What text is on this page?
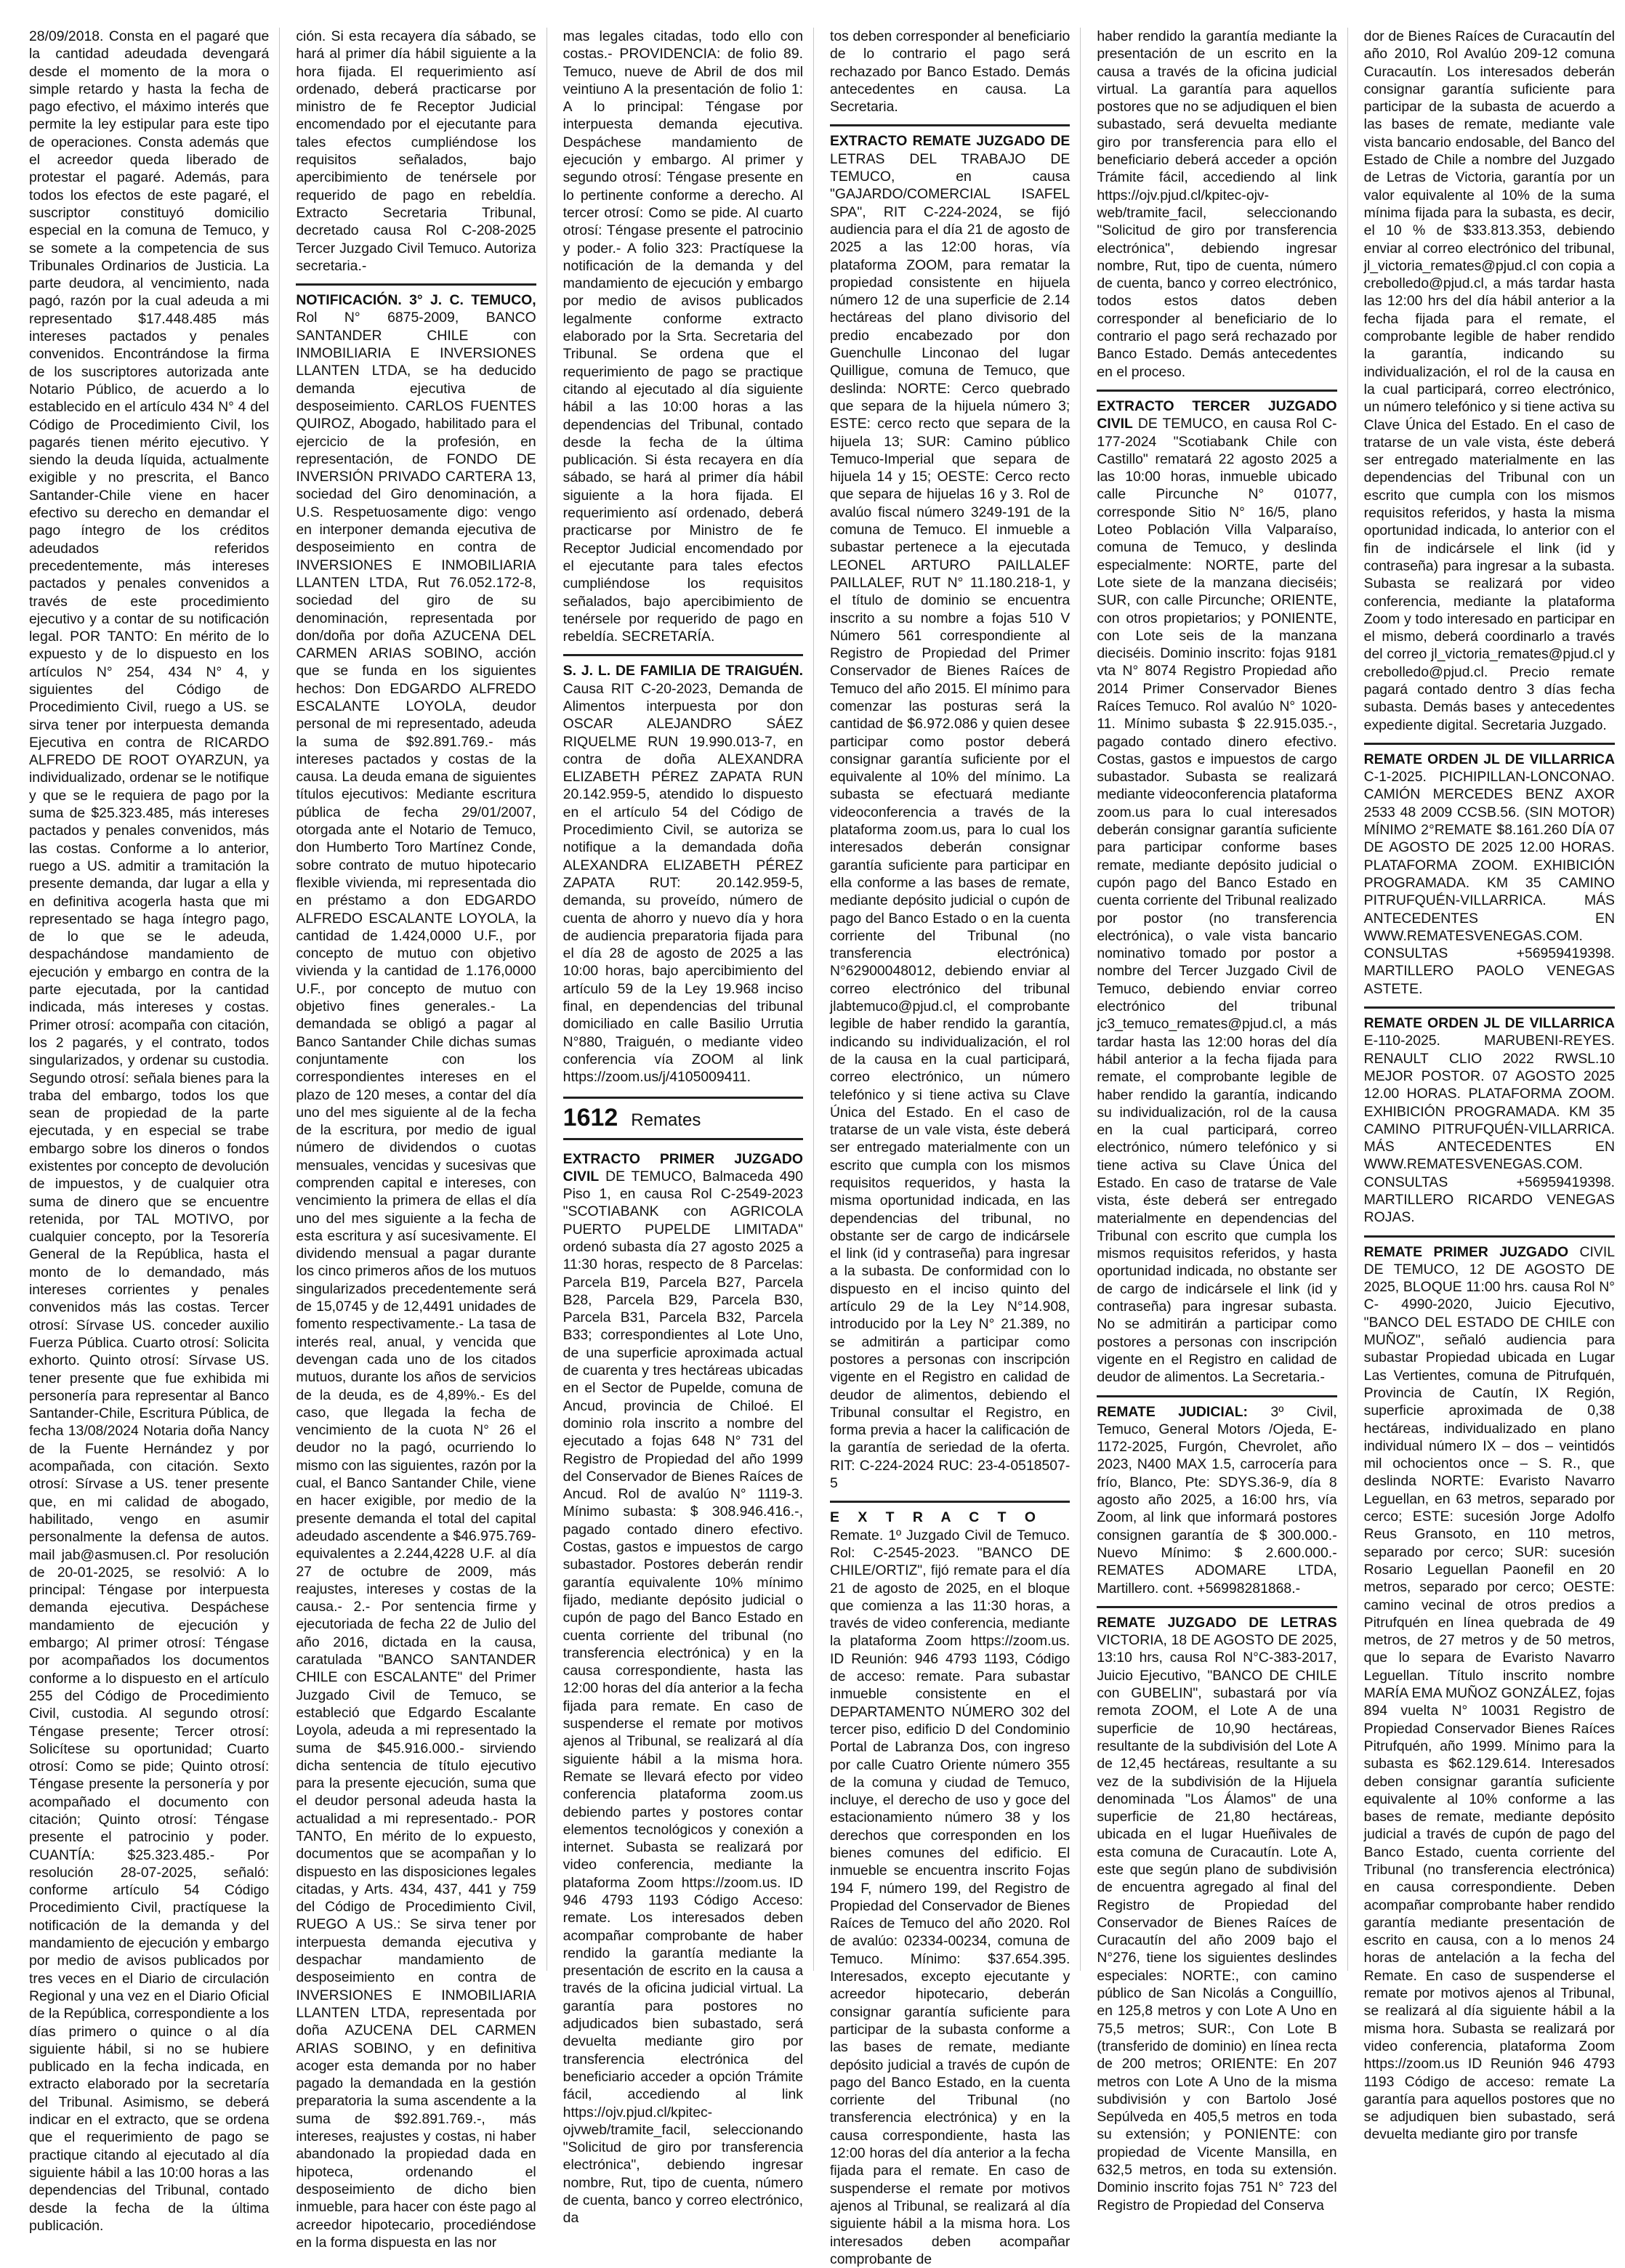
28/09/2018. Consta en el pagaré que la cantidad adeudada devengará desde el momento de la mora o simple retardo y hasta la fecha de pago efectivo, el máximo interés que permite la ley estipular para este tipo de operaciones. Consta además que el acreedor queda liberado de protestar el pagaré. Además, para todos los efectos de este pagaré, el suscriptor constituyó domicilio especial en la comuna de Temuco, y se somete a la competencia de sus Tribunales Ordinarios de Justicia. La parte deudora, al vencimiento, nada pagó, razón por la cual adeuda a mi representado $17.448.485 más intereses pactados y penales convenidos. Encontrándose la firma de los suscriptores autorizada ante Notario Público, de acuerdo a lo establecido en el artículo 434 N° 4 del Código de Procedimiento Civil, los pagarés tienen mérito ejecutivo. Y siendo la deuda líquida, actualmente exigible y no prescrita, el Banco Santander-Chile viene en hacer efectivo su derecho en demandar el pago íntegro de los créditos adeudados referidos precedentemente, más intereses pactados y penales convenidos a través de este procedimiento ejecutivo y a contar de su notificación legal. POR TANTO: En mérito de lo expuesto y de lo dispuesto en los artículos N° 254, 434 N° 4, y siguientes del Código de Procedimiento Civil, ruego a US. se sirva tener por interpuesta demanda Ejecutiva en contra de RICARDO ALFREDO DE ROOT OYARZUN, ya individualizado, ordenar se le notifique y que se le requiera de pago por la suma de $25.323.485, más intereses pactados y penales convenidos, más las costas. Conforme a lo anterior, ruego a US. admitir a tramitación la presente demanda, dar lugar a ella y en definitiva acogerla hasta que mi representado se haga íntegro pago, de lo que se le adeuda, despachándose mandamiento de ejecución y embargo en contra de la parte ejecutada, por la cantidad indicada, más intereses y costas. Primer otrosí: acompaña con citación, los 2 pagarés, y el contrato, todos singularizados, y ordenar su custodia. Segundo otrosí: señala bienes para la traba del embargo, todos los que sean de propiedad de la parte ejecutada, y en especial se trabe embargo sobre los dineros o fondos existentes por concepto de devolución de impuestos, y de cualquier otra suma de dinero que se encuentre retenida, por TAL MOTIVO, por cualquier concepto, por la Tesorería General de la República, hasta el monto de lo demandado, más intereses corrientes y penales convenidos más las costas. Tercer otrosí: Sírvase US. conceder auxilio Fuerza Pública. Cuarto otrosí: Solicita exhorto. Quinto otrosí: Sírvase US. tener presente que fue exhibida mi personería para representar al Banco Santander-Chile, Escritura Pública, de fecha 13/08/2024 Notaria doña Nancy de la Fuente Hernández y por acompañada, con citación. Sexto otrosí: Sírvase a US. tener presente que, en mi calidad de abogado, habilitado, vengo en asumir personalmente la defensa de autos. mail jab@asmusen.cl. Por resolución de 20-01-2025, se resolvió: A lo principal: Téngase por interpuesta demanda ejecutiva. Despáchese mandamiento de ejecución y embargo; Al primer otrosí: Téngase por acompañados los documentos conforme a lo dispuesto en el artículo 255 del Código de Procedimiento Civil, custodia. Al segundo otrosí: Téngase presente; Tercer otrosí: Solicítese su oportunidad; Cuarto otrosí: Como se pide; Quinto otrosí: Téngase presente la personería y por acompañado el documento con citación; Quinto otrosí: Téngase presente el patrocinio y poder. CUANTÍA: $25.323.485.- Por resolución 28-07-2025, señaló: conforme artículo 54 Código Procedimiento Civil, practíquese la notificación de la demanda y del mandamiento de ejecución y embargo por medio de avisos publicados por tres veces en el Diario de circulación Regional y una vez en el Diario Oficial de la República, correspondiente a los días primero o quince o al día siguiente hábil, si no se hubiere publicado en la fecha indicada, en extracto elaborado por la secretaría del Tribunal. Asimismo, se deberá indicar en el extracto, que se ordena que el requerimiento de pago se practique citando al ejecutado al día siguiente hábil a las 10:00 horas a las dependencias del Tribunal, contado desde la fecha de la última publicación.

ción. Si esta recayera día sábado, se hará al primer día hábil siguiente a la hora fijada. El requerimiento así ordenado, deberá practicarse por ministro de fe Receptor Judicial encomendado por el ejecutante para tales efectos cumpliéndose los requisitos señalados, bajo apercibimiento de tenérsele por requerido de pago en rebeldía. Extracto Secretaria Tribunal, decretado causa Rol C-208-2025 Tercer Juzgado Civil Temuco. Autoriza secretaria.-

NOTIFICACIÓN. 3° J. C. TEMUCO, Rol N° 6875-2009, BANCO SANTANDER CHILE con INMOBILIARIA E INVERSIONES LLANTEN LTDA, se ha deducido demanda ejecutiva de desposeimiento. CARLOS FUENTES QUIROZ, Abogado, habilitado para el ejercicio de la profesión, en representación, de FONDO DE INVERSIÓN PRIVADO CARTERA 13, sociedad del Giro denominación, a U.S. Respetuosamente digo: vengo en interponer demanda ejecutiva de desposeimiento en contra de INVERSIONES E INMOBILIARIA LLANTEN LTDA, Rut 76.052.172-8, sociedad del giro de su denominación, representada por don/doña por doña AZUCENA DEL CARMEN ARIAS SOBINO, acción que se funda en los siguientes hechos: Don EDGARDO ALFREDO ESCALANTE LOYOLA, deudor personal de mi representado, adeuda la suma de $92.891.769.- más intereses pactados y costas de la causa. La deuda emana de siguientes títulos ejecutivos: Mediante escritura pública de fecha 29/01/2007, otorgada ante el Notario de Temuco, don Humberto Toro Martínez Conde, sobre contrato de mutuo hipotecario flexible vivienda, mi representada dio en préstamo a don EDGARDO ALFREDO ESCALANTE LOYOLA, la cantidad de 1.424,0000 U.F., por concepto de mutuo con objetivo vivienda y la cantidad de 1.176,0000 U.F., por concepto de mutuo con objetivo fines generales.- La demandada se obligó a pagar al Banco Santander Chile dichas sumas conjuntamente con los correspondientes intereses en el plazo de 120 meses, a contar del día uno del mes siguiente al de la fecha de la escritura, por medio de igual número de dividendos o cuotas mensuales, vencidas y sucesivas que comprenden capital e intereses, con vencimiento la primera de ellas el día uno del mes siguiente a la fecha de esta escritura y así sucesivamente. El dividendo mensual a pagar durante los cinco primeros años de los mutuos singularizados precedentemente será de 15,0745 y de 12,4491 unidades de fomento respectivamente.- La tasa de interés real, anual, y vencida que devengan cada uno de los citados mutuos, durante los años de servicios de la deuda, es de 4,89%.- Es del caso, que llegada la fecha de vencimiento de la cuota N° 26 el deudor no la pagó, ocurriendo lo mismo con las siguientes, razón por la cual, el Banco Santander Chile, viene en hacer exigible, por medio de la presente demanda el total del capital adeudado ascendente a $46.975.769- equivalentes a 2.244,4228 U.F. al día 27 de octubre de 2009, más reajustes, intereses y costas de la causa.- 2.- Por sentencia firme y ejecutoriada de fecha 22 de Julio del año 2016, dictada en la causa, caratulada "BANCO SANTANDER CHILE con ESCALANTE" del Primer Juzgado Civil de Temuco, se estableció que Edgardo Escalante Loyola, adeuda a mi representado la suma de $45.916.000.- sirviendo dicha sentencia de título ejecutivo para la presente ejecución, suma que el deudor personal adeuda hasta la actualidad a mi representado.- POR TANTO, En mérito de lo expuesto, documentos que se acompañan y lo dispuesto en las disposiciones legales citadas, y Arts. 434, 437, 441 y 759 del Código de Procedimiento Civil, RUEGO A US.: Se sirva tener por interpuesta demanda ejecutiva y despachar mandamiento de desposeimiento en contra de INVERSIONES E INMOBILIARIA LLANTEN LTDA, representada por doña AZUCENA DEL CARMEN ARIAS SOBINO, y en definitiva acoger esta demanda por no haber pagado la demandada en la gestión preparatoria la suma ascendente a la suma de $92.891.769.-, más intereses, reajustes y costas, ni haber abandonado la propiedad dada en hipoteca, ordenando el desposeimiento de dicho bien inmueble, para hacer con éste pago al acreedor hipotecario, procediéndose en la forma dispuesta en las nor

mas legales citadas, todo ello con costas.- PROVIDENCIA: de folio 89. Temuco, nueve de Abril de dos mil veintiuno A la presentación de folio 1: A lo principal: Téngase por interpuesta demanda ejecutiva. Despáchese mandamiento de ejecución y embargo. Al primer y segundo otrosí: Téngase presente en lo pertinente conforme a derecho. Al tercer otrosí: Como se pide. Al cuarto otrosí: Téngase presente el patrocinio y poder.- A folio 323: Practíquese la notificación de la demanda y del mandamiento de ejecución y embargo por medio de avisos publicados legalmente conforme extracto elaborado por la Srta. Secretaria del Tribunal. Se ordena que el requerimiento de pago se practique citando al ejecutado al día siguiente hábil a las 10:00 horas a las dependencias del Tribunal, contado desde la fecha de la última publicación. Si ésta recayera en día sábado, se hará al primer día hábil siguiente a la hora fijada. El requerimiento así ordenado, deberá practicarse por Ministro de fe Receptor Judicial encomendado por el ejecutante para tales efectos cumpliéndose los requisitos señalados, bajo apercibimiento de tenérsele por requerido de pago en rebeldía. SECRETARÍA.

S. J. L. DE FAMILIA DE TRAIGUÉN. Causa RIT C-20-2023, Demanda de Alimentos interpuesta por don OSCAR ALEJANDRO SÁEZ RIQUELME RUN 19.990.013-7, en contra de doña ALEXANDRA ELIZABETH PÉREZ ZAPATA RUN 20.142.959-5, atendido lo dispuesto en el artículo 54 del Código de Procedimiento Civil, se autoriza se notifique a la demandada doña ALEXANDRA ELIZABETH PÉREZ ZAPATA RUT: 20.142.959-5, demanda, su proveído, número de cuenta de ahorro y nuevo día y hora de audiencia preparatoria fijada para el día 28 de agosto de 2025 a las 10:00 horas, bajo apercibimiento del artículo 59 de la Ley 19.968 inciso final, en dependencias del tribunal domiciliado en calle Basilio Urrutia N°880, Traiguén, o mediante video conferencia vía ZOOM al link https://zoom.us/j/4105009411.

1612 Remates

EXTRACTO PRIMER JUZGADO CIVIL DE TEMUCO, Balmaceda 490 Piso 1, en causa Rol C-2549-2023 "SCOTIABANK con AGRICOLA PUERTO PUPELDE LIMITADA" ordenó subasta día 27 agosto 2025 a 11:30 horas, respecto de 8 Parcelas: Parcela B19, Parcela B27, Parcela B28, Parcela B29, Parcela B30, Parcela B31, Parcela B32, Parcela B33; correspondientes al Lote Uno, de una superficie aproximada actual de cuarenta y tres hectáreas ubicadas en el Sector de Pupelde, comuna de Ancud, provincia de Chiloé. El dominio rola inscrito a nombre del ejecutado a fojas 648 N° 731 del Registro de Propiedad del año 1999 del Conservador de Bienes Raíces de Ancud. Rol de avalúo N° 1119-3. Mínimo subasta: $ 308.946.416.-, pagado contado dinero efectivo. Costas, gastos e impuestos de cargo subastador. Postores deberán rendir garantía equivalente 10% mínimo fijado, mediante depósito judicial o cupón de pago del Banco Estado en cuenta corriente del tribunal (no transferencia electrónica) y en la causa correspondiente, hasta las 12:00 horas del día anterior a la fecha fijada para remate. En caso de suspenderse el remate por motivos ajenos al Tribunal, se realizará al día siguiente hábil a la misma hora. Remate se llevará efecto por video conferencia plataforma zoom.us debiendo partes y postores contar elementos tecnológicos y conexión a internet. Subasta se realizará por video conferencia, mediante la plataforma Zoom https://zoom.us. ID 946 4793 1193 Código Acceso: remate. Los interesados deben acompañar comprobante de haber rendido la garantía mediante la presentación de escrito en la causa a través de la oficina judicial virtual. La garantía para postores no adjudicados bien subastado, será devuelta mediante giro por transferencia electrónica del beneficiario acceder a opción Trámite fácil, accediendo al link https://ojv.pjud.cl/kpitec-ojvweb/tramite_facil, seleccionando "Solicitud de giro por transferencia electrónica", debiendo ingresar nombre, Rut, tipo de cuenta, número de cuenta, banco y correo electrónico, da

tos deben corresponder al beneficiario de lo contrario el pago será rechazado por Banco Estado. Demás antecedentes en causa. La Secretaria.

EXTRACTO REMATE JUZGADO DE LETRAS DEL TRABAJO DE TEMUCO, en causa "GAJARDO/COMERCIAL ISAFEL SPA", RIT C-224-2024, se fijó audiencia para el día 21 de agosto de 2025 a las 12:00 horas, vía plataforma ZOOM, para rematar la propiedad consistente en hijuela número 12 de una superficie de 2.14 hectáreas del plano divisorio del predio encabezado por don Guenchulle Linconao del lugar Quilligue, comuna de Temuco, que deslinda: NORTE: Cerco quebrado que separa de la hijuela número 3; ESTE: cerco recto que separa de la hijuela 13; SUR: Camino público Temuco-Imperial que separa de hijuela 14 y 15; OESTE: Cerco recto que separa de hijuelas 16 y 3. Rol de avalúo fiscal número 3249-191 de la comuna de Temuco. El inmueble a subastar pertenece a la ejecutada LEONEL ARTURO PAILLALEF PAILLALEF, RUT N° 11.180.218-1, y el título de dominio se encuentra inscrito a su nombre a fojas 510 V Número 561 correspondiente al Registro de Propiedad del Primer Conservador de Bienes Raíces de Temuco del año 2015. El mínimo para comenzar las posturas será la cantidad de $6.972.086 y quien desee participar como postor deberá consignar garantía suficiente por el equivalente al 10% del mínimo. La subasta se efectuará mediante videoconferencia a través de la plataforma zoom.us, para lo cual los interesados deberán consignar garantía suficiente para participar en ella conforme a las bases de remate, mediante depósito judicial o cupón de pago del Banco Estado o en la cuenta corriente del Tribunal (no transferencia electrónica) N°62900048012, debiendo enviar al correo electrónico del tribunal jlabtemuco@pjud.cl, el comprobante legible de haber rendido la garantía, indicando su individualización, el rol de la causa en la cual participará, correo electrónico, un número telefónico y si tiene activa su Clave Única del Estado. En el caso de tratarse de un vale vista, éste deberá ser entregado materialmente con un escrito que cumpla con los mismos requisitos requeridos, y hasta la misma oportunidad indicada, en las dependencias del tribunal, no obstante ser de cargo de indicársele el link (id y contraseña) para ingresar a la subasta. De conformidad con lo dispuesto en el inciso quinto del artículo 29 de la Ley N°14.908, introducido por la Ley N° 21.389, no se admitirán a participar como postores a personas con inscripción vigente en el Registro en calidad de deudor de alimentos, debiendo el Tribunal consultar el Registro, en forma previa a hacer la calificación de la garantía de seriedad de la oferta. RIT: C-224-2024 RUC: 23-4-0518507-5

E X T R A C T O

Remate. 1º Juzgado Civil de Temuco. Rol: C-2545-2023. "BANCO DE CHILE/ORTIZ", fijó remate para el día 21 de agosto de 2025, en el bloque que comienza a las 11:30 horas, a través de video conferencia, mediante la plataforma Zoom https://zoom.us. ID Reunión: 946 4793 1193, Código de acceso: remate. Para subastar inmueble consistente en el DEPARTAMENTO NÚMERO 302 del tercer piso, edificio D del Condominio Portal de Labranza Dos, con ingreso por calle Cuatro Oriente número 355 de la comuna y ciudad de Temuco, incluye, el derecho de uso y goce del estacionamiento número 38 y los derechos que corresponden en los bienes comunes del edificio. El inmueble se encuentra inscrito Fojas 194 F, número 199, del Registro de Propiedad del Conservador de Bienes Raíces de Temuco del año 2020. Rol de avalúo: 02334-00234, comuna de Temuco. Mínimo: $37.654.395. Interesados, excepto ejecutante y acreedor hipotecario, deberán consignar garantía suficiente para participar de la subasta conforme a las bases de remate, mediante depósito judicial a través de cupón de pago del Banco Estado, en la cuenta corriente del Tribunal (no transferencia electrónica) y en la causa correspondiente, hasta las 12:00 horas del día anterior a la fecha fijada para el remate. En caso de suspenderse el remate por motivos ajenos al Tribunal, se realizará al día siguiente hábil a la misma hora. Los interesados deben acompañar comprobante de

haber rendido la garantía mediante la presentación de un escrito en la causa a través de la oficina judicial virtual. La garantía para aquellos postores que no se adjudiquen el bien subastado, será devuelta mediante giro por transferencia para ello el beneficiario deberá acceder a opción Trámite fácil, accediendo al link https://ojv.pjud.cl/kpitec-ojv-web/tramite_facil, seleccionando "Solicitud de giro por transferencia electrónica", debiendo ingresar nombre, Rut, tipo de cuenta, número de cuenta, banco y correo electrónico, todos estos datos deben corresponder al beneficiario de lo contrario el pago será rechazado por Banco Estado. Demás antecedentes en el proceso.

EXTRACTO TERCER JUZGADO CIVIL DE TEMUCO, en causa Rol C-177-2024 "Scotiabank Chile con Castillo" rematará 22 agosto 2025 a las 10:00 horas, inmueble ubicado calle Pircunche N° 01077, corresponde Sitio N° 16/5, plano Loteo Población Villa Valparaíso, comuna de Temuco, y deslinda especialmente: NORTE, parte del Lote siete de la manzana dieciséis; SUR, con calle Pircunche; ORIENTE, con otros propietarios; y PONIENTE, con Lote seis de la manzana dieciséis. Dominio inscrito: fojas 9181 vta N° 8074 Registro Propiedad año 2014 Primer Conservador Bienes Raíces Temuco. Rol avalúo N° 1020-11. Mínimo subasta $ 22.915.035.-, pagado contado dinero efectivo. Costas, gastos e impuestos de cargo subastador. Subasta se realizará mediante videoconferencia plataforma zoom.us para lo cual interesados deberán consignar garantía suficiente para participar conforme bases remate, mediante depósito judicial o cupón pago del Banco Estado en cuenta corriente del Tribunal realizado por postor (no transferencia electrónica), o vale vista bancario nominativo tomado por postor a nombre del Tercer Juzgado Civil de Temuco, debiendo enviar correo electrónico del tribunal jc3_temuco_remates@pjud.cl, a más tardar hasta las 12:00 horas del día hábil anterior a la fecha fijada para remate, el comprobante legible de haber rendido la garantía, indicando su individualización, rol de la causa en la cual participará, correo electrónico, número telefónico y si tiene activa su Clave Única del Estado. En caso de tratarse de Vale vista, éste deberá ser entregado materialmente en dependencias del Tribunal con escrito que cumpla los mismos requisitos referidos, y hasta oportunidad indicada, no obstante ser de cargo de indicársele el link (id y contraseña) para ingresar subasta. No se admitirán a participar como postores a personas con inscripción vigente en el Registro en calidad de deudor de alimentos. La Secretaria.-

REMATE JUDICIAL: 3º Civil, Temuco, General Motors /Ojeda, E- 1172-2025, Furgón, Chevrolet, año 2023, N400 MAX 1.5, carrocería para frío, Blanco, Pte: SDYS.36-9, día 8 agosto año 2025, a 16:00 hrs, vía Zoom, al link que informará postores consignen garantía de $ 300.000.- Nuevo Mínimo: $ 2.600.000.- REMATES ADOMARE LTDA, Martillero. cont. +56998281868.-

REMATE JUZGADO DE LETRAS VICTORIA, 18 DE AGOSTO DE 2025, 13:10 hrs, causa Rol N°C-383-2017, Juicio Ejecutivo, "BANCO DE CHILE con GUBELIN", subastará por vía remota ZOOM, el Lote A de una superficie de 10,90 hectáreas, resultante de la subdivisión del Lote A de 12,45 hectáreas, resultante a su vez de la subdivisión de la Hijuela denominada "Los Álamos" de una superficie de 21,80 hectáreas, ubicada en el lugar Hueñivales de esta comuna de Curacautín. Lote A, este que según plano de subdivisión de encuentra agregado al final del Registro de Propiedad del Conservador de Bienes Raíces de Curacautín del año 2009 bajo el N°276, tiene los siguientes deslindes especiales: NORTE:, con camino público de San Nicolás a Conguillío, en 125,8 metros y con Lote A Uno en 75,5 metros; SUR:, Con Lote B (transferido de dominio) en línea recta de 200 metros; ORIENTE: En 207 metros con Lote A Uno de la misma subdivisión y con Bartolo José Sepúlveda en 405,5 metros en toda su extensión; y PONIENTE: con propiedad de Vicente Mansilla, en 632,5 metros, en toda su extensión. Dominio inscrito fojas 751 N° 723 del Registro de Propiedad del Conserva

dor de Bienes Raíces de Curacautín del año 2010, Rol Avalúo 209-12 comuna Curacautín. Los interesados deberán consignar garantía suficiente para participar de la subasta de acuerdo a las bases de remate, mediante vale vista bancario endosable, del Banco del Estado de Chile a nombre del Juzgado de Letras de Victoria, garantía por un valor equivalente al 10% de la suma mínima fijada para la subasta, es decir, el 10 % de $33.813.353, debiendo enviar al correo electrónico del tribunal, jl_victoria_remates@pjud.cl con copia a crebolledo@pjud.cl, a más tardar hasta las 12:00 hrs del día hábil anterior a la fecha fijada para el remate, el comprobante legible de haber rendido la garantía, indicando su individualización, el rol de la causa en la cual participará, correo electrónico, un número telefónico y si tiene activa su Clave Única del Estado. En el caso de tratarse de un vale vista, éste deberá ser entregado materialmente en las dependencias del Tribunal con un escrito que cumpla con los mismos requisitos referidos, y hasta la misma oportunidad indicada, lo anterior con el fin de indicársele el link (id y contraseña) para ingresar a la subasta. Subasta se realizará por video conferencia, mediante la plataforma Zoom y todo interesado en participar en el mismo, deberá coordinarlo a través del correo jl_victoria_remates@pjud.cl y crebolledo@pjud.cl. Precio remate pagará contado dentro 3 días fecha subasta. Demás bases y antecedentes expediente digital. Secretaria Juzgado.

REMATE ORDEN JL DE VILLARRICA C-1-2025. PICHIPILLAN-LONCONAO. CAMIÓN MERCEDES BENZ AXOR 2533 48 2009 CCSB.56. (SIN MOTOR) MÍNIMO 2°REMATE $8.161.260 DÍA 07 DE AGOSTO DE 2025 12.00 HORAS. PLATAFORMA ZOOM. EXHIBICIÓN PROGRAMADA. KM 35 CAMINO PITRUFQUÉN-VILLARRICA. MÁS ANTECEDENTES EN WWW.REMATESVENEGAS.COM. CONSULTAS +56959419398. MARTILLERO PAOLO VENEGAS ASTETE.

REMATE ORDEN JL DE VILLARRICA E-110-2025. MARUBENI-REYES. RENAULT CLIO 2022 RWSL.10 MEJOR POSTOR. 07 AGOSTO 2025 12.00 HORAS. PLATAFORMA ZOOM. EXHIBICIÓN PROGRAMADA. KM 35 CAMINO PITRUFQUÉN-VILLARRICA. MÁS ANTECEDENTES EN WWW.REMATESVENEGAS.COM. CONSULTAS +56959419398. MARTILLERO RICARDO VENEGAS ROJAS.

REMATE PRIMER JUZGADO CIVIL DE TEMUCO, 12 DE AGOSTO DE 2025, BLOQUE 11:00 hrs. causa Rol N° C- 4990-2020, Juicio Ejecutivo, "BANCO DEL ESTADO DE CHILE con MUÑOZ", señaló audiencia para subastar Propiedad ubicada en Lugar Las Vertientes, comuna de Pitrufquén, Provincia de Cautín, IX Región, superficie aproximada de 0,38 hectáreas, individualizado en plano individual número IX – dos – veintidós mil ochocientos once – S. R., que deslinda NORTE: Evaristo Navarro Leguellan, en 63 metros, separado por cerco; ESTE: sucesión Jorge Adolfo Reus Gransoto, en 110 metros, separado por cerco; SUR: sucesión Rosario Leguellan Paonefil en 20 metros, separado por cerco; OESTE: camino vecinal de otros predios a Pitrufquén en línea quebrada de 49 metros, de 27 metros y de 50 metros, que lo separa de Evaristo Navarro Leguellan. Título inscrito nombre MARÍA EMA MUÑOZ GONZÁLEZ, fojas 894 vuelta N° 10031 Registro de Propiedad Conservador Bienes Raíces Pitrufquén, año 1999. Mínimo para la subasta es $62.129.614. Interesados deben consignar garantía suficiente equivalente al 10% conforme a las bases de remate, mediante depósito judicial a través de cupón de pago del Banco Estado, cuenta corriente del Tribunal (no transferencia electrónica) en causa correspondiente. Deben acompañar comprobante haber rendido garantía mediante presentación de escrito en causa, con a lo menos 24 horas de antelación a la fecha del Remate. En caso de suspenderse el remate por motivos ajenos al Tribunal, se realizará al día siguiente hábil a la misma hora. Subasta se realizará por video conferencia, plataforma Zoom https://zoom.us ID Reunión 946 4793 1193 Código de acceso: remate La garantía para aquellos postores que no se adjudiquen bien subastado, será devuelta mediante giro por transfe
